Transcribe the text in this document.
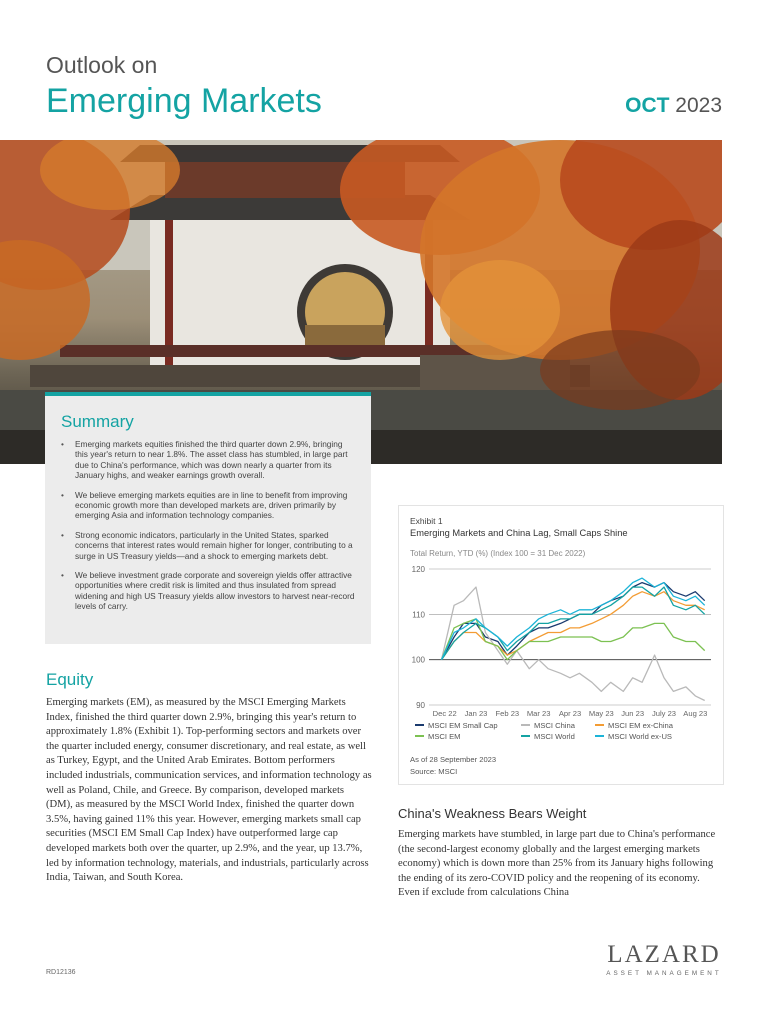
Outlook on
Emerging Markets	OCT 2023
Summary
• Emerging markets equities finished the third quarter down 2.9%, bringing this year's return to near 1.8%. The asset class has stumbled, in large part due to China's performance, which was down nearly a quarter from its January highs, and weaker earnings growth overall.
• We believe emerging markets equities are in line to benefit from improving economic growth more than developed markets are, driven primarily by emerging Asia and information technology companies.
• Strong economic indicators, particularly in the United States, sparked concerns that interest rates would remain higher for longer, contributing to a surge in US Treasury yields—and a shock to emerging markets debt.
• We believe investment grade corporate and sovereign yields offer attractive opportunities where credit risk is limited and thus insulated from spread widening and high US Treasury yields allow investors to harvest near-record levels of carry.
Equity

Emerging markets (EM), as measured by the MSCI Emerging Markets Index, finished the third quarter down 2.9%, bringing this year's return to approximately 1.8% (Exhibit 1). Top-performing sectors and markets over the quarter included energy, consumer discretionary, and real estate, as well as Turkey, Egypt, and the United Arab Emirates. Bottom performers included industrials, communication services, and information technology as well as Poland, Chile, and Greece. By comparison, developed markets (DM), as measured by the MSCI World Index, finished the quarter down 3.5%, having gained 11% this year. However, emerging markets small cap securities (MSCI EM Small Cap Index) have outperformed large cap developed markets both over the quarter, up 2.9%, and the year, up 13.7%, led by information technology, materials, and industrials, particularly across India, Taiwan, and South Korea.

Exhibit 1
Emerging Markets and China Lag, Small Caps Shine
Total Return, YTD (%) (Index 100 = 31 Dec 2022)
90
100
110
120
Dec 22 Jan 23 Feb 23 Mar 23 Apr 23 May 23 Jun 23 July 23 Aug 23
MSCI EM Small Cap	MSCI China	MSCI EM ex-China
MSCI EM	MSCI World	MSCI World ex-US
As of 28 September 2023
Source: MSCI
China's Weakness Bears Weight

Emerging markets have stumbled, in large part due to China's performance (the second-largest economy globally and the largest emerging markets economy) which is down more than 25% from its January highs following the ending of its zero-COVID policy and the reopening of its economy. Even if exclude from calculations China

LAZARD
ASSET MANAGEMENT
RD12136
